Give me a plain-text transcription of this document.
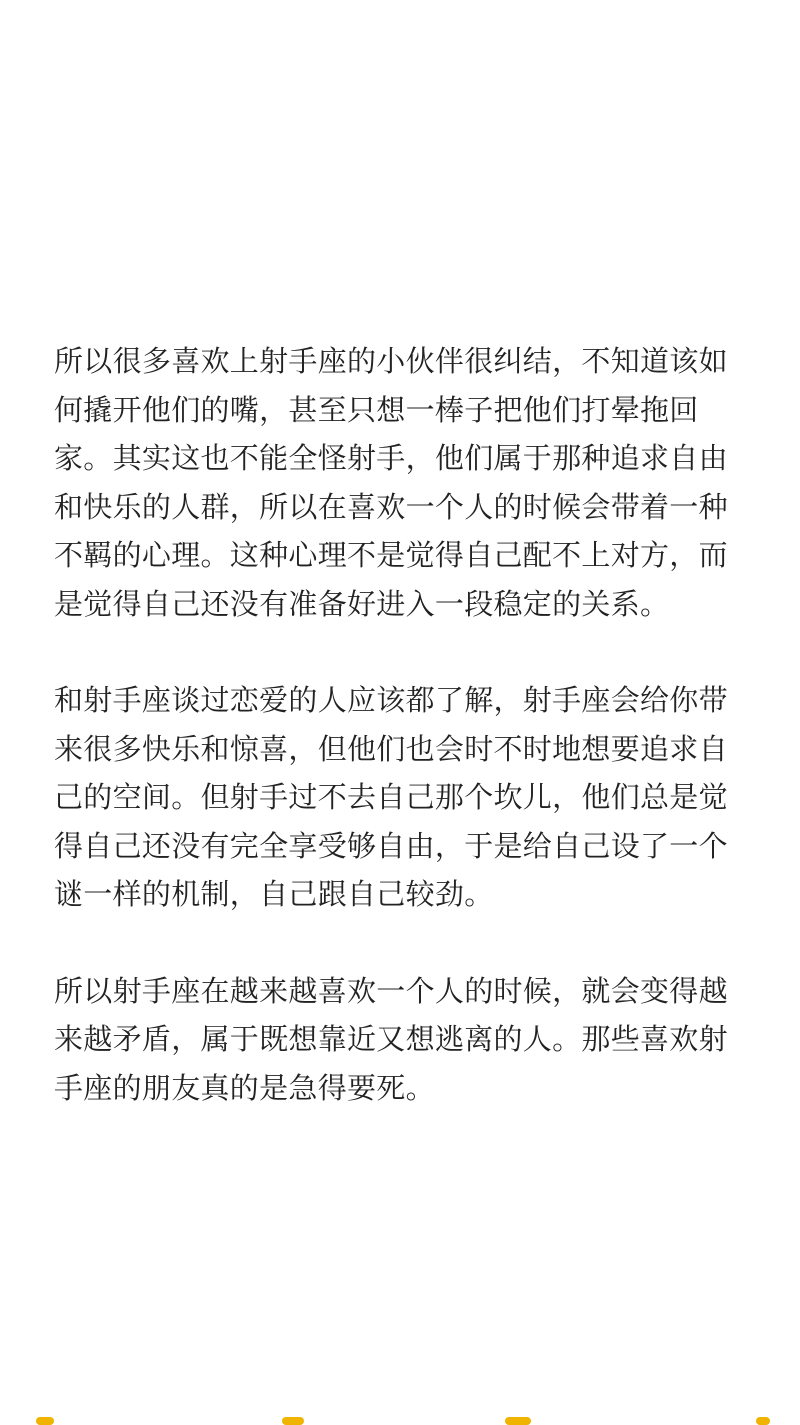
所以很多喜欢上射手座的小伙伴很纠结，不知道该如
何撬开他们的嘴，甚至只想一棒子把他们打晕拖回
家。其实这也不能全怪射手，他们属于那种追求自由
和快乐的人群，所以在喜欢一个人的时候会带着一种
不羁的心理。这种心理不是觉得自己配不上对方，而
是觉得自己还没有准备好进入一段稳定的关系。

和射手座谈过恋爱的人应该都了解，射手座会给你带
来很多快乐和惊喜，但他们也会时不时地想要追求自
己的空间。但射手过不去自己那个坎儿，他们总是觉
得自己还没有完全享受够自由，于是给自己设了一个
谜一样的机制，自己跟自己较劲。

所以射手座在越来越喜欢一个人的时候，就会变得越
来越矛盾，属于既想靠近又想逃离的人。那些喜欢射
手座的朋友真的是急得要死。
